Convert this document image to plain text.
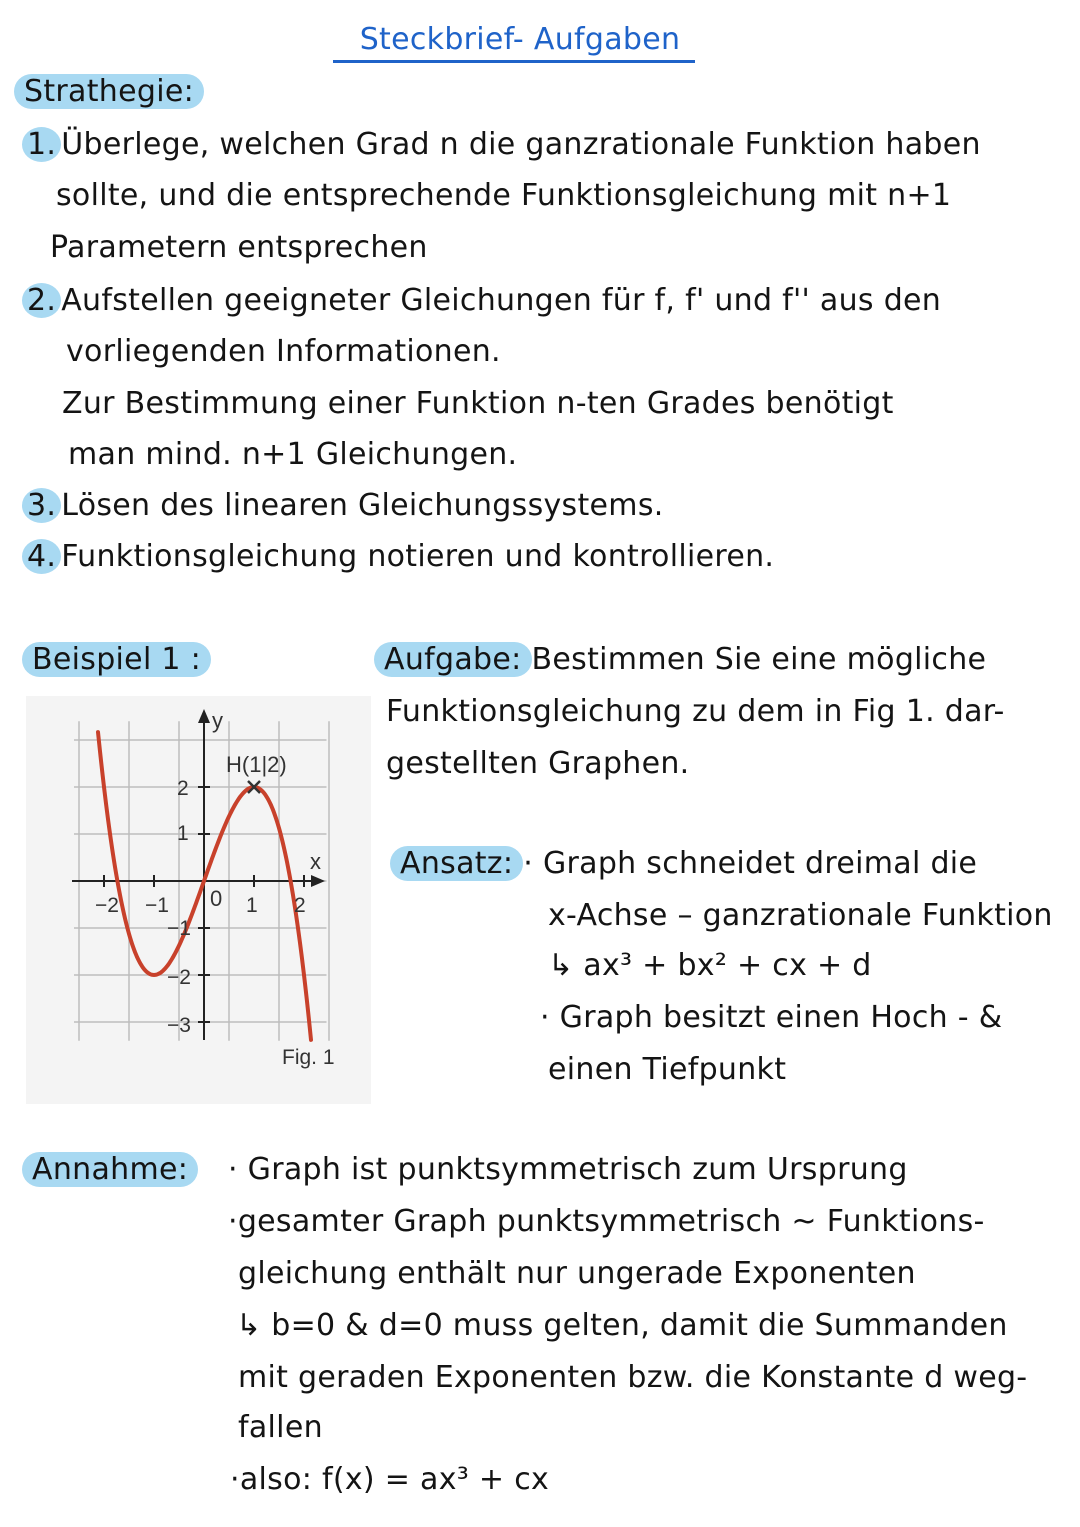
Steckbrief- Aufgaben
Strathegie:
1. Überlege, welchen Grad n die ganzrationale Funktion haben
sollte, und die entsprechende Funktionsgleichung mit n+1
Parametern entsprechen
2. Aufstellen geeigneter Gleichungen für f, f' und f'' aus den
vorliegenden Informationen.
Zur Bestimmung einer Funktion n-ten Grades benötigt
man mind. n+1 Gleichungen.
3. Lösen des linearen Gleichungssystems.
4. Funktionsgleichung notieren und kontrollieren.
Beispiel 1 :
H(1|2)
y
x
0
−2 −1	1 2
2
1
−1
−2
−3
Fig. 1
Aufgabe: Bestimmen Sie eine mögliche
Funktionsgleichung zu dem in Fig 1. dar-
gestellten Graphen.
Ansatz: · Graph schneidet dreimal die
x-Achse – ganzrationale Funktion
↳ ax³ + bx² + cx + d
· Graph besitzt einen Hoch - &
einen Tiefpunkt
Annahme:	· Graph ist punktsymmetrisch zum Ursprung
·gesamter Graph punktsymmetrisch ~ Funktions-
gleichung enthält nur ungerade Exponenten
↳ b=0 & d=0 muss gelten, damit die Summanden
mit geraden Exponenten bzw. die Konstante d weg-
fallen
·also: f(x) = ax³ + cx
